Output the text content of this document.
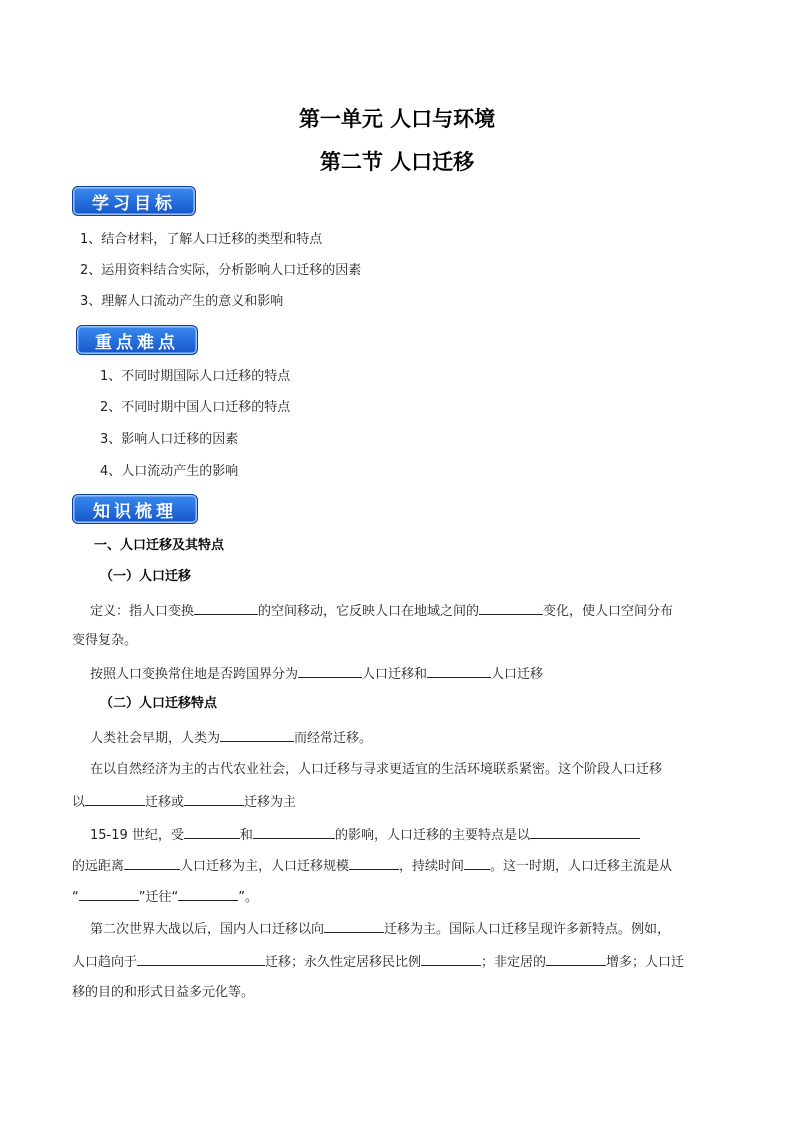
第一单元 人口与环境
第二节 人口迁移
学习目标
1、结合材料，了解人口迁移的类型和特点
2、运用资料结合实际，分析影响人口迁移的因素
3、理解人口流动产生的意义和影响
重点难点
1、不同时期国际人口迁移的特点
2、不同时期中国人口迁移的特点
3、影响人口迁移的因素
4、人口流动产生的影响
知识梳理
一、人口迁移及其特点
（一）人口迁移
定义：指人口变换	的空间移动，它反映人口在地域之间的	变化，使人口空间分布
变得复杂。
按照人口变换常住地是否跨国界分为	人口迁移和	人口迁移
（二）人口迁移特点
人类社会早期，人类为	而经常迁移。
在以自然经济为主的古代农业社会，人口迁移与寻求更适宜的生活环境联系紧密。这个阶段人口迁移
以	迁移或	迁移为主
15-19 世纪，受	和	的影响，人口迁移的主要特点是以
的远距离	人口迁移为主，人口迁移规模	，持续时间 。这一时期，人口迁移主流是从
“	”迁往“	”。
第二次世界大战以后，国内人口迁移以向	迁移为主。国际人口迁移呈现许多新特点。例如，
人口趋向于	迁移；永久性定居移民比例	；非定居的	增多；人口迁
移的目的和形式日益多元化等。
